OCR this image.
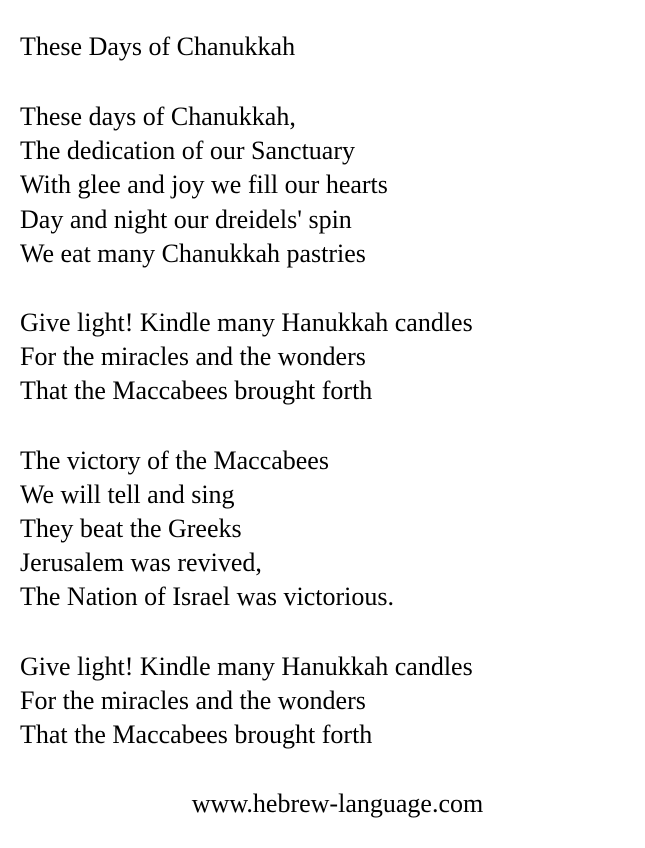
These Days of Chanukkah
These days of Chanukkah,
The dedication of our Sanctuary
With glee and joy we fill our hearts
Day and night our dreidels' spin
We eat many Chanukkah pastries
Give light! Kindle many Hanukkah candles
For the miracles and the wonders
That the Maccabees brought forth
The victory of the Maccabees
We will tell and sing
They beat the Greeks
Jerusalem was revived,
The Nation of Israel was victorious.
Give light! Kindle many Hanukkah candles
For the miracles and the wonders
That the Maccabees brought forth
www.hebrew-language.com
